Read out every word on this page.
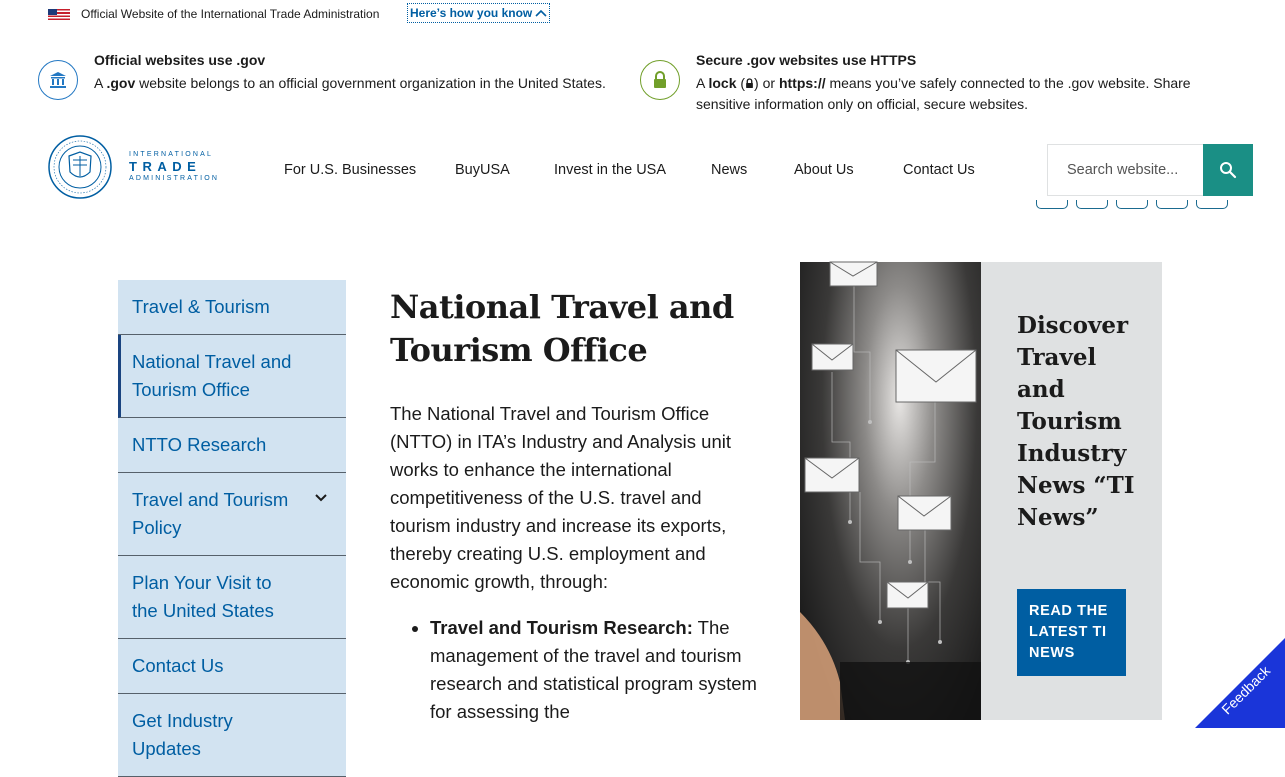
Official Website of the International Trade Administration	Here’s how you know
Official websites use .gov
A .gov website belongs to an official government organization in the United States.
Secure .gov websites use HTTPS
A lock ( ) or https:// means you’ve safely connected to the .gov website. Share sensitive information only on official, secure websites.
INTERNATIONAL
TRADE
ADMINISTRATION
For U.S. Businesses	BuyUSA	Invest in the USA	News	About Us	Contact Us
Search website...
Travel & Tourism
National Travel and Tourism Office
NTTO Research
Travel and Tourism Policy
Plan Your Visit to the United States
Contact Us
Get Industry Updates
National Travel and Tourism Office

The National Travel and Tourism Office (NTTO) in ITA’s Industry and Analysis unit works to enhance the international competitiveness of the U.S. travel and tourism industry and increase its exports, thereby creating U.S. employment and economic growth, through:

• Travel and Tourism Research: The management of the travel and tourism research and statistical program system for assessing the
Discover Travel and Tourism Industry News “TI News”
READ THE LATEST TI NEWS
Feedback
